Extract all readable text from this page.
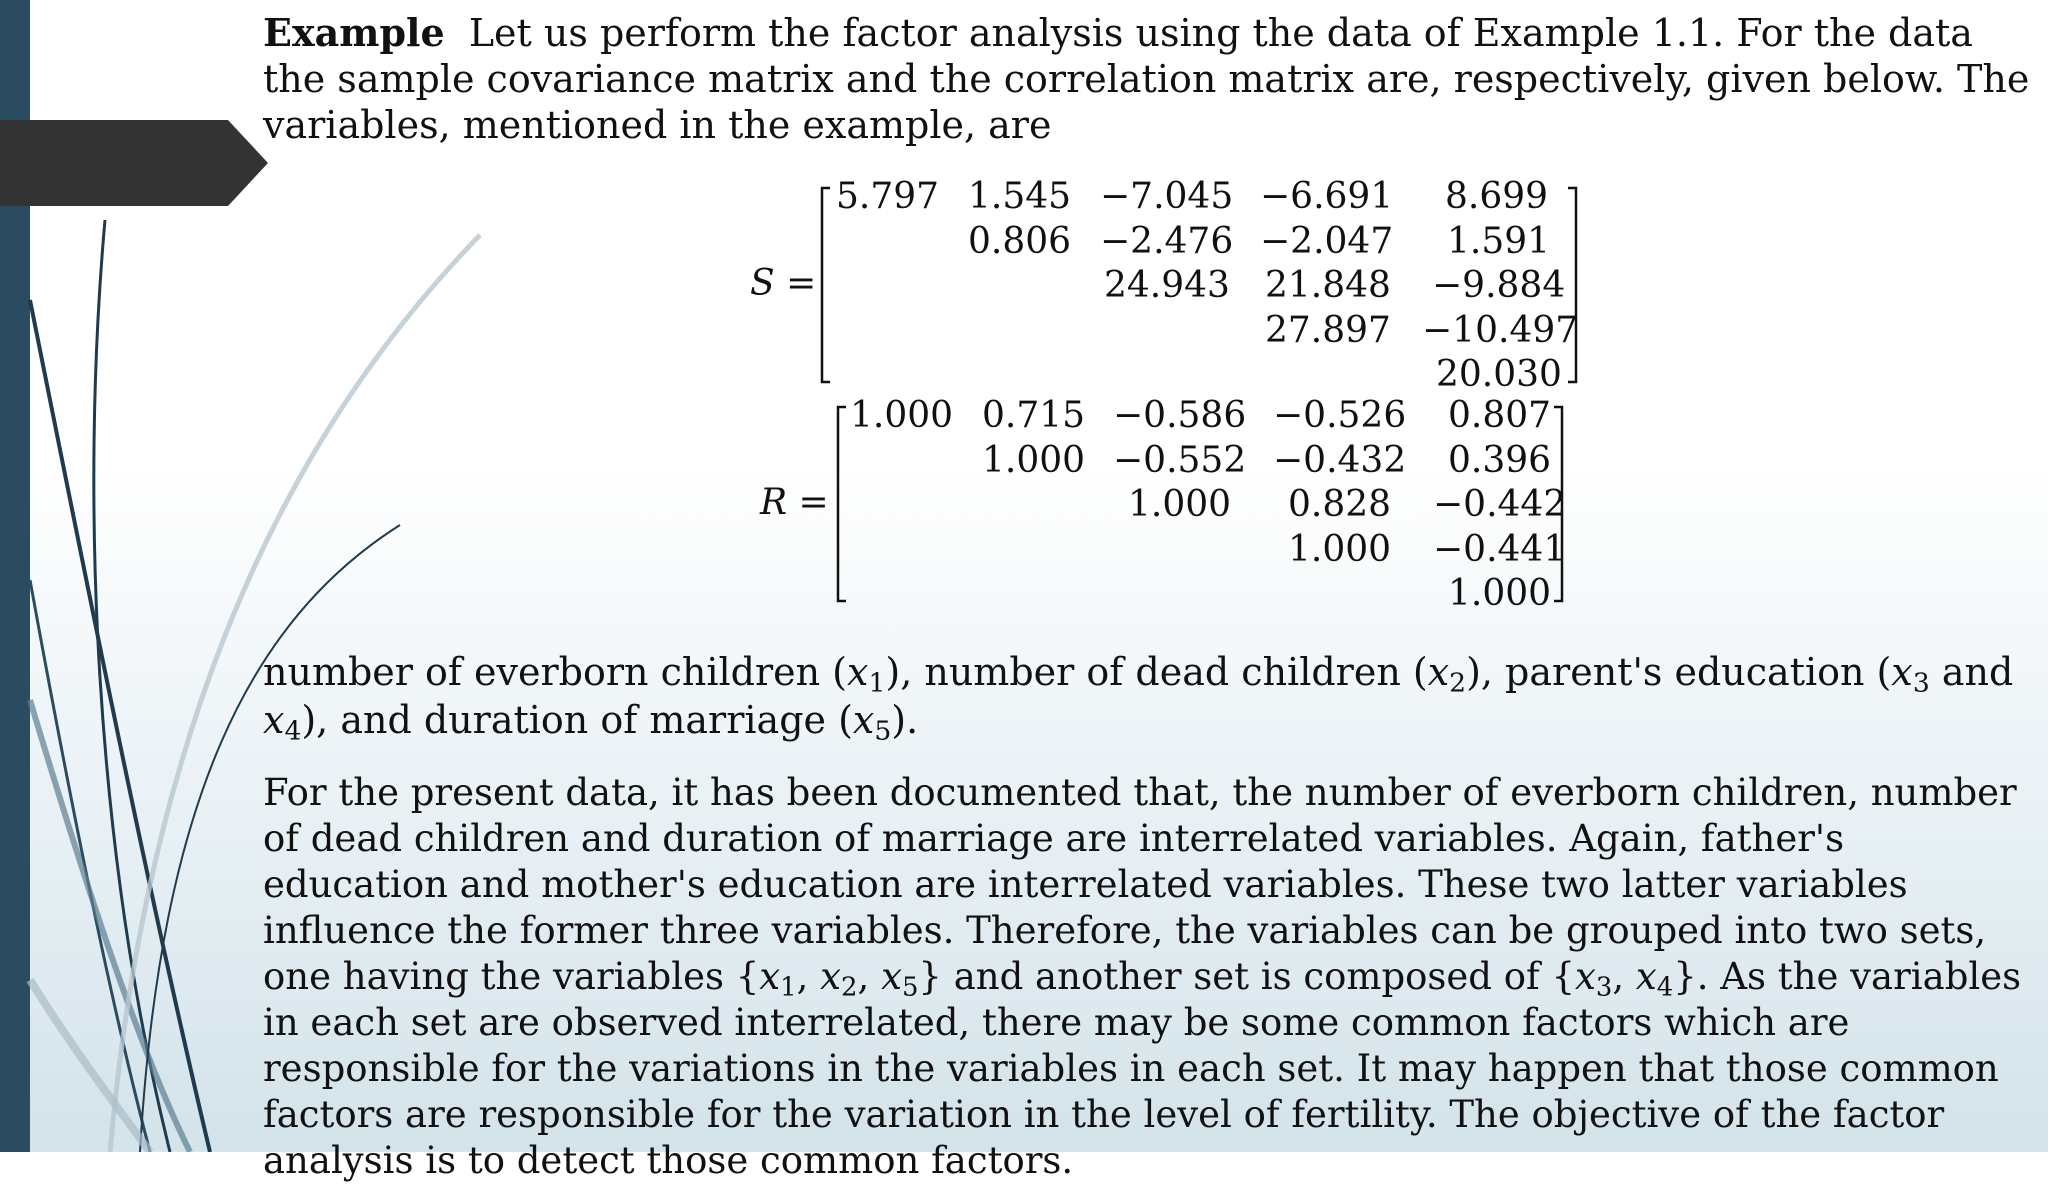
Example Let us perform the factor analysis using the data of Example 1.1. For the data the sample covariance matrix and the correlation matrix are, respectively, given below. The variables, mentioned in the example, are

S =
5.797 1.545 −7.045 −6.691 8.699
0.806 −2.476 −2.047 1.591
24.943 21.848 −9.884
27.897 −10.497
20.030
R =
1.000 0.715 −0.586 −0.526 0.807
1.000 −0.552 −0.432 0.396
1.000 0.828 −0.442
1.000 −0.441
1.000

number of everborn children $(x_1)$, number of dead children $(x_2)$, parent's education ($x_3$ and $x_4$), and duration of marriage $(x_5)$.

For the present data, it has been documented that, the number of everborn children, number of dead children and duration of marriage are interrelated variables. Again, father's education and mother's education are interrelated variables. These two latter variables influence the former three variables. Therefore, the variables can be grouped into two sets, one having the variables {$x_1$, $x_2$, $x_5$} and another set is composed of {$x_3$, $x_4$}. As the variables in each set are observed interrelated, there may be some common factors which are responsible for the variations in the variables in each set. It may happen that those common factors are responsible for the variation in the level of fertility. The objective of the factor analysis is to detect those common factors.
